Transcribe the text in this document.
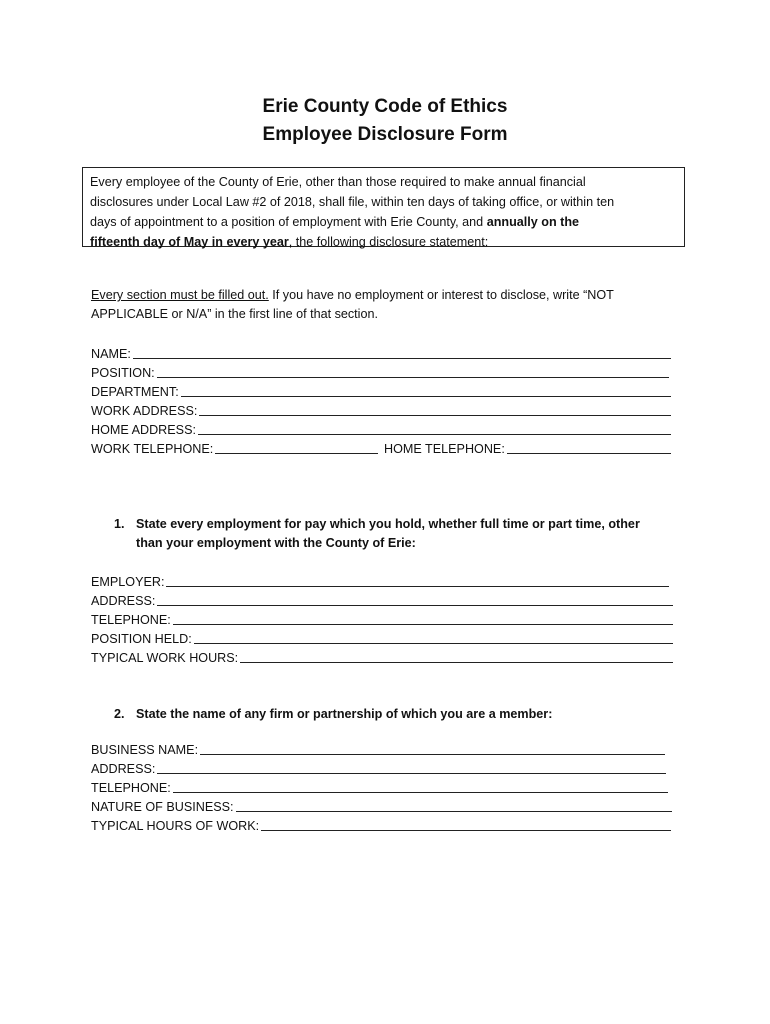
Erie County Code of Ethics
Employee Disclosure Form
Every employee of the County of Erie, other than those required to make annual financial
disclosures under Local Law #2 of 2018, shall file, within ten days of taking office, or within ten
days of appointment to a position of employment with Erie County, and annually on the
fifteenth day of May in every year, the following disclosure statement:
Every section must be filled out. If you have no employment or interest to disclose, write “NOT
APPLICABLE or N/A” in the first line of that section.
NAME:
POSITION:
DEPARTMENT:
WORK ADDRESS:
HOME ADDRESS:
WORK TELEPHONE:	HOME TELEPHONE:
1. State every employment for pay which you hold, whether full time or part time, other
than your employment with the County of Erie:
EMPLOYER:
ADDRESS:
TELEPHONE:
POSITION HELD:
TYPICAL WORK HOURS:
2. State the name of any firm or partnership of which you are a member:
BUSINESS NAME:
ADDRESS:
TELEPHONE:
NATURE OF BUSINESS:
TYPICAL HOURS OF WORK:
